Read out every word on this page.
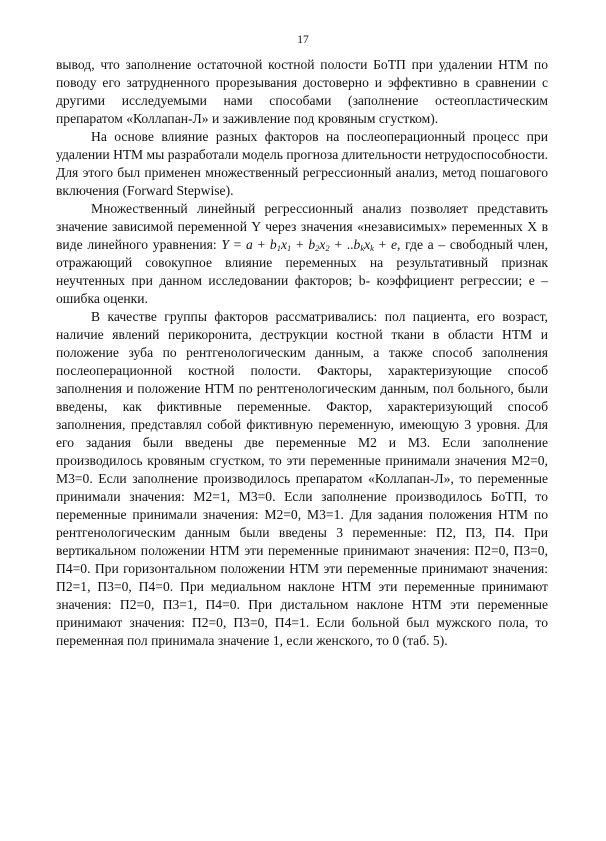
17

вывод, что заполнение остаточной костной полости БоТП при удалении НТМ по поводу его затрудненного прорезывания достоверно и эффективно в сравнении с другими исследуемыми нами способами (заполнение остеопластическим препаратом «Коллапан-Л» и заживление под кровяным сгустком).

На основе влияние разных факторов на послеоперационный процесс при удалении НТМ мы разработали модель прогноза длительности нетрудоспособности. Для этого был применен множественный регрессионный анализ, метод пошагового включения (Forward Stepwise).

Множественный линейный регрессионный анализ позволяет представить значение зависимой переменной Y через значения «независимых» переменных X в виде линейного уравнения: $Y = a + b_1x_1 + b_2x_2 + ..b_kx_k + e$, где а – свободный член, отражающий совокупное влияние переменных на результативный признак неучтенных при данном исследовании факторов; b- коэффициент регрессии; e – ошибка оценки.

В качестве группы факторов рассматривались: пол пациента, его возраст, наличие явлений перикоронита, деструкции костной ткани в области НТМ и положение зуба по рентгенологическим данным, а также способ заполнения послеоперационной костной полости. Факторы, характеризующие способ заполнения и положение НТМ по рентгенологическим данным, пол больного, были введены, как фиктивные переменные. Фактор, характеризующий способ заполнения, представлял собой фиктивную переменную, имеющую 3 уровня. Для его задания были введены две переменные М2 и М3. Если заполнение производилось кровяным сгустком, то эти переменные принимали значения М2=0, М3=0. Если заполнение производилось препаратом «Коллапан-Л», то переменные принимали значения: М2=1, М3=0. Если заполнение производилось БоТП, то переменные принимали значения: М2=0, М3=1. Для задания положения НТМ по рентгенологическим данным были введены 3 переменные: П2, П3, П4. При вертикальном положении НТМ эти переменные принимают значения: П2=0, П3=0, П4=0. При горизонтальном положении НТМ эти переменные принимают значения: П2=1, П3=0, П4=0. При медиальном наклоне НТМ эти переменные принимают значения: П2=0, П3=1, П4=0. При дистальном наклоне НТМ эти переменные принимают значения: П2=0, П3=0, П4=1. Если больной был мужского пола, то переменная пол принимала значение 1, если женского, то 0 (таб. 5).
